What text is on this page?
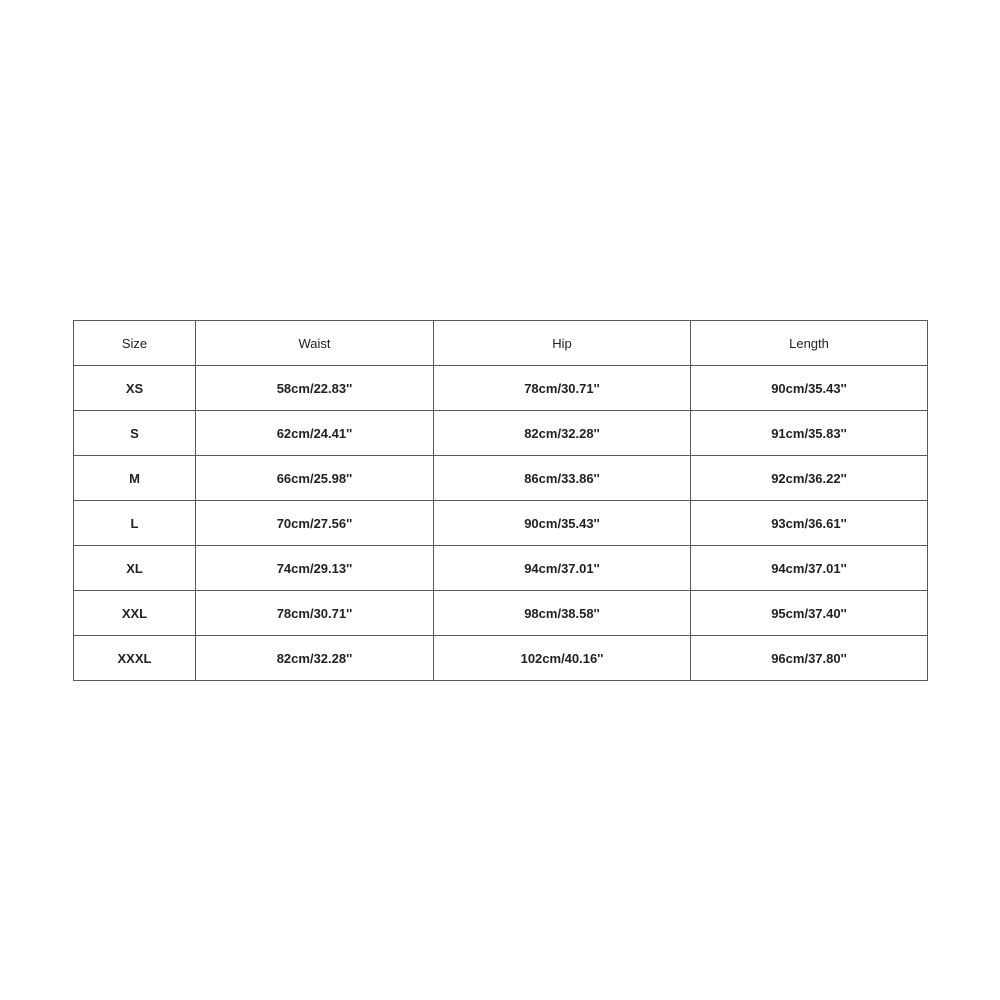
Size	Waist	Hip	Length
XS	58cm/22.83''	78cm/30.71''	90cm/35.43''
S	62cm/24.41''	82cm/32.28''	91cm/35.83''
M	66cm/25.98''	86cm/33.86''	92cm/36.22''
L	70cm/27.56''	90cm/35.43''	93cm/36.61''
XL	74cm/29.13''	94cm/37.01''	94cm/37.01''
XXL	78cm/30.71''	98cm/38.58''	95cm/37.40''
XXXL	82cm/32.28''	102cm/40.16''	96cm/37.80''
